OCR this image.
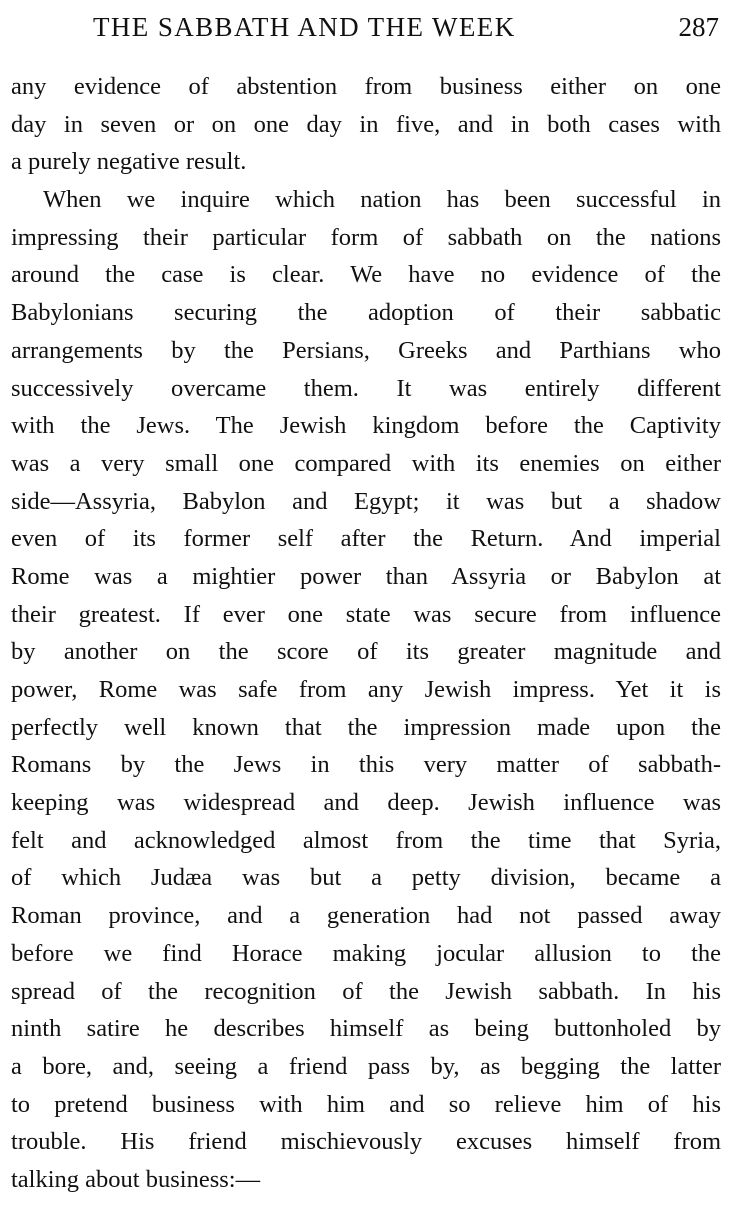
THE SABBATH AND THE WEEK	287
any evidence of abstention from business either on one
day in seven or on one day in five, and in both cases with
a purely negative result.
When we inquire which nation has been successful in
impressing their particular form of sabbath on the nations
around the case is clear. We have no evidence of the
Babylonians securing the adoption of their sabbatic
arrangements by the Persians, Greeks and Parthians who
successively overcame them. It was entirely different
with the Jews. The Jewish kingdom before the Captivity
was a very small one compared with its enemies on either
side—Assyria, Babylon and Egypt; it was but a shadow
even of its former self after the Return. And imperial
Rome was a mightier power than Assyria or Babylon at
their greatest. If ever one state was secure from influence
by another on the score of its greater magnitude and
power, Rome was safe from any Jewish impress. Yet it is
perfectly well known that the impression made upon the
Romans by the Jews in this very matter of sabbath-
keeping was widespread and deep. Jewish influence was
felt and acknowledged almost from the time that Syria,
of which Judæa was but a petty division, became a
Roman province, and a generation had not passed away
before we find Horace making jocular allusion to the
spread of the recognition of the Jewish sabbath. In his
ninth satire he describes himself as being buttonholed by
a bore, and, seeing a friend pass by, as begging the latter
to pretend business with him and so relieve him of his
trouble. His friend mischievously excuses himself from
talking about business:—
